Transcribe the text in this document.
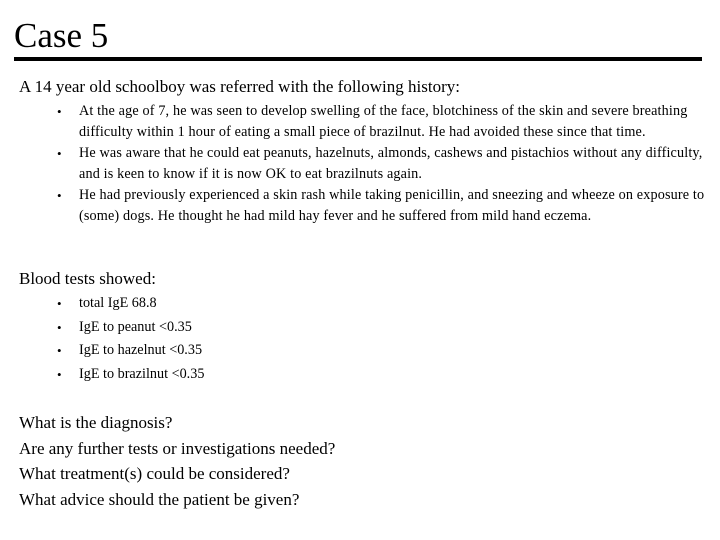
Case 5

A 14 year old schoolboy was referred with the following history:

• At the age of 7, he was seen to develop swelling of the face, blotchiness of the skin and severe breathing difficulty within 1 hour of eating a small piece of brazilnut. He had avoided these since that time.
• He was aware that he could eat peanuts, hazelnuts, almonds, cashews and pistachios without any difficulty, and is keen to know if it is now OK to eat brazilnuts again.
• He had previously experienced a skin rash while taking penicillin, and sneezing and wheeze on exposure to (some) dogs. He thought he had mild hay fever and he suffered from mild hand eczema.

Blood tests showed:

• total IgE 68.8
• IgE to peanut <0.35
• IgE to hazelnut <0.35
• IgE to brazilnut <0.35
What is the diagnosis?
Are any further tests or investigations needed?
What treatment(s) could be considered?
What advice should the patient be given?
